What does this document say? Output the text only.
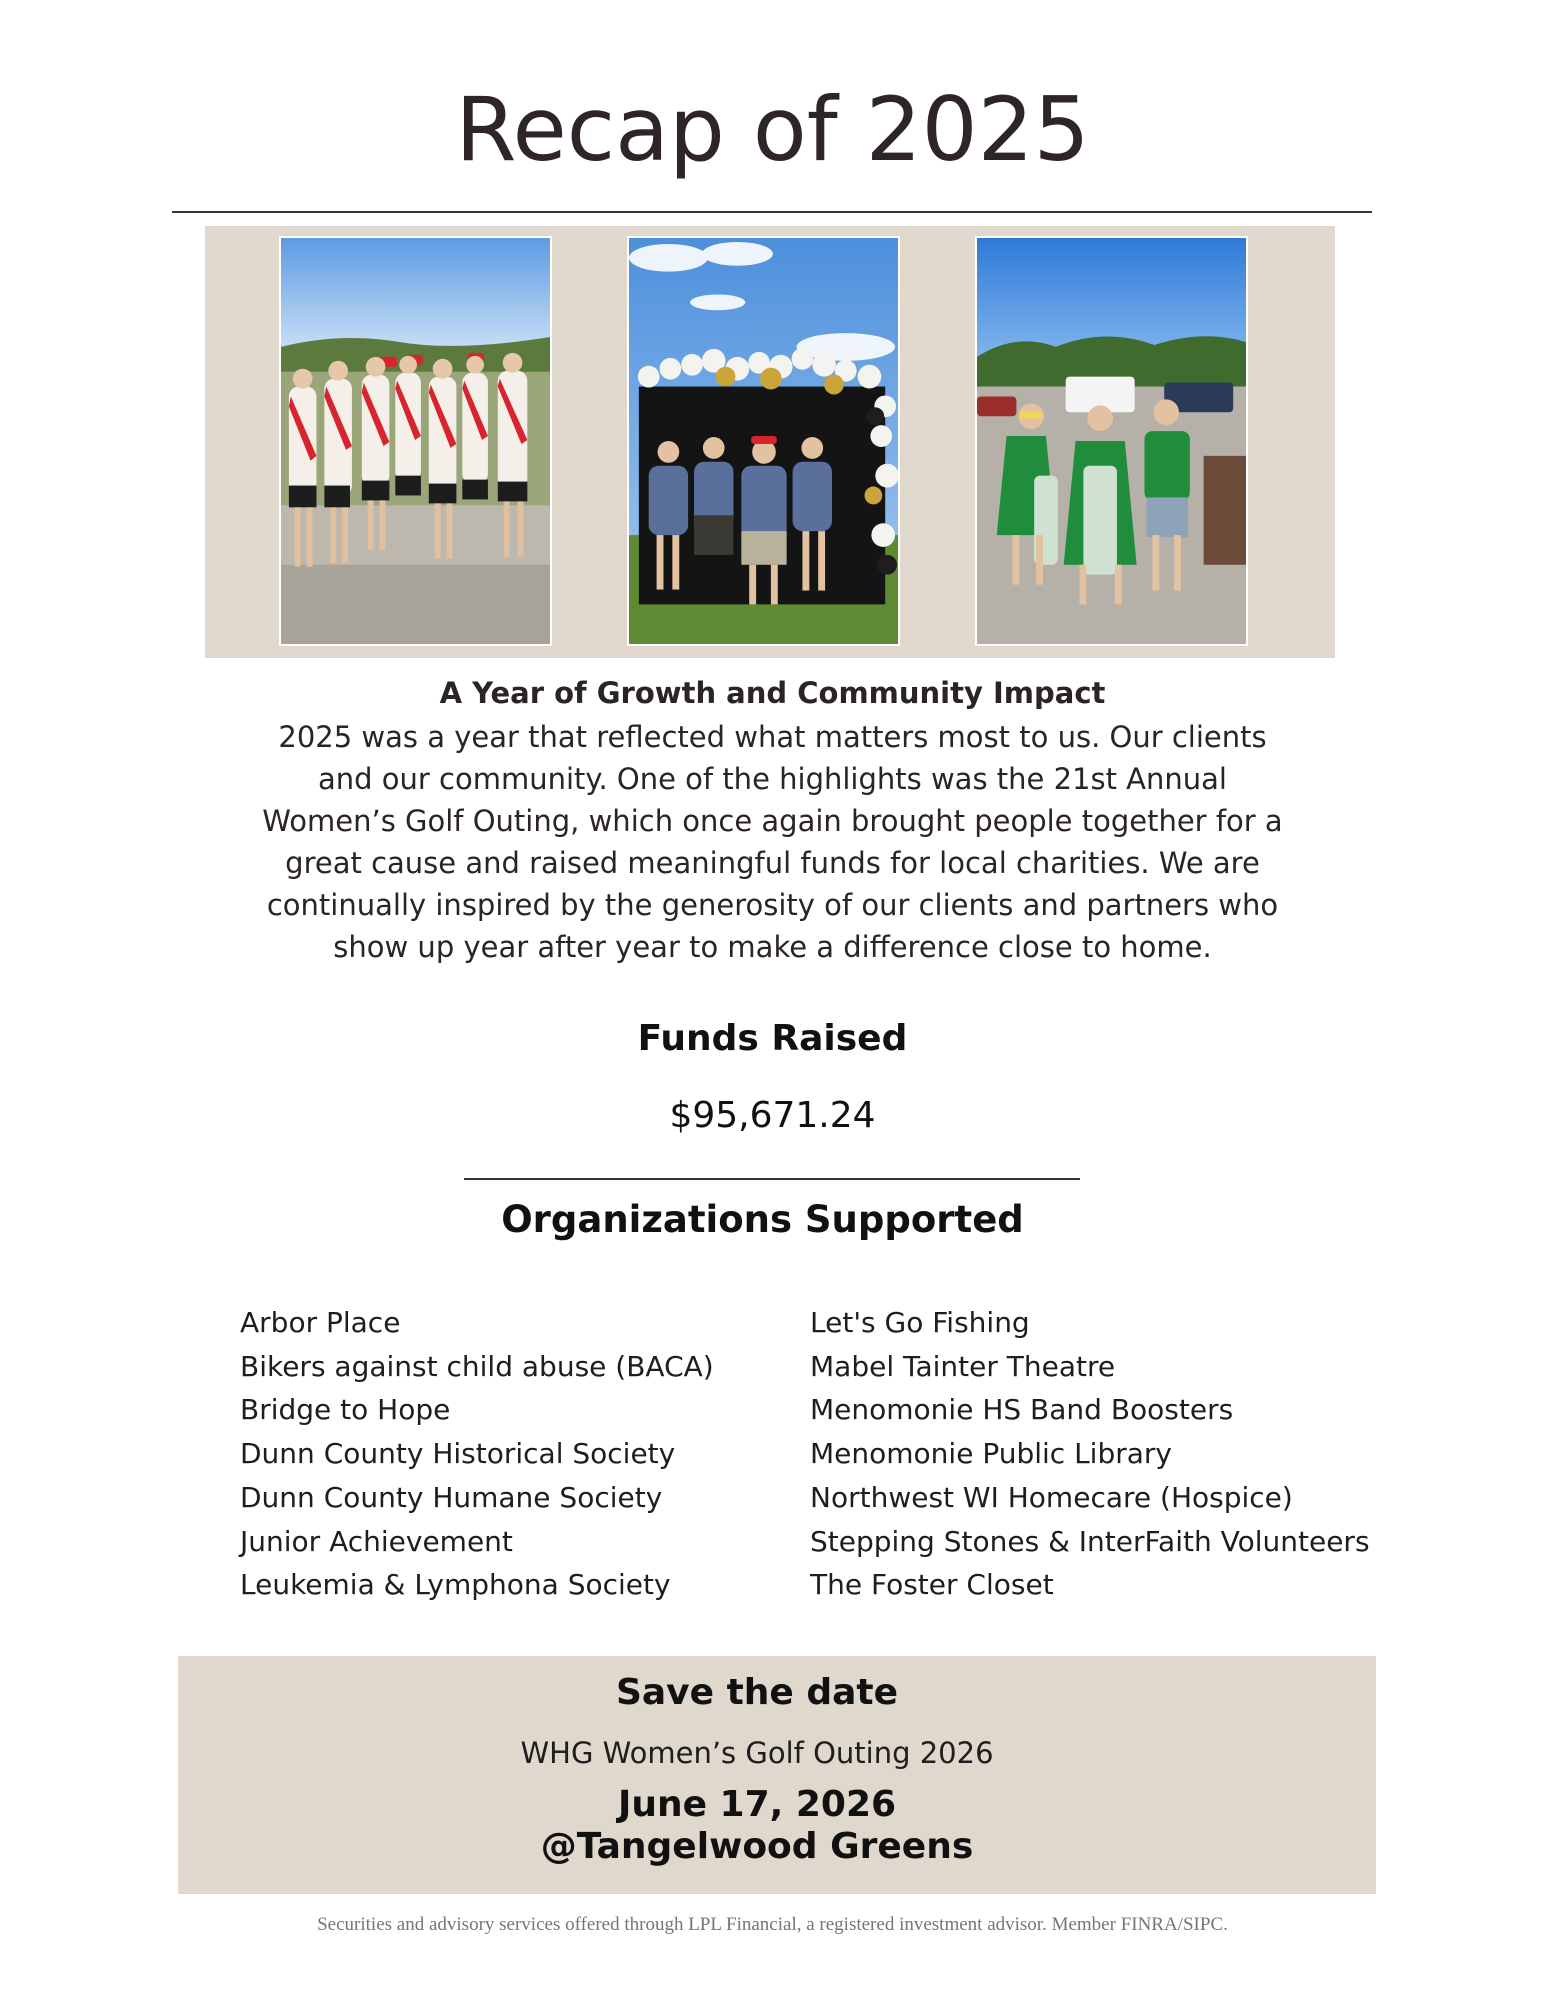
Recap of 2025
A Year of Growth and Community Impact
2025 was a year that reflected what matters most to us. Our clients and our community. One of the highlights was the 21st Annual Women’s Golf Outing, which once again brought people together for a great cause and raised meaningful funds for local charities. We are continually inspired by the generosity of our clients and partners who show up year after year to make a difference close to home.
Funds Raised
$95,671.24
Organizations Supported
Arbor Place
Bikers against child abuse (BACA)
Bridge to Hope
Dunn County Historical Society
Dunn County Humane Society
Junior Achievement
Leukemia & Lymphona Society
Let's Go Fishing
Mabel Tainter Theatre
Menomonie HS Band Boosters
Menomonie Public Library
Northwest WI Homecare (Hospice)
Stepping Stones & InterFaith Volunteers
The Foster Closet
Save the date
WHG Women’s Golf Outing 2026
June 17, 2026
@Tangelwood Greens
Securities and advisory services offered through LPL Financial, a registered investment advisor. Member FINRA/SIPC.
